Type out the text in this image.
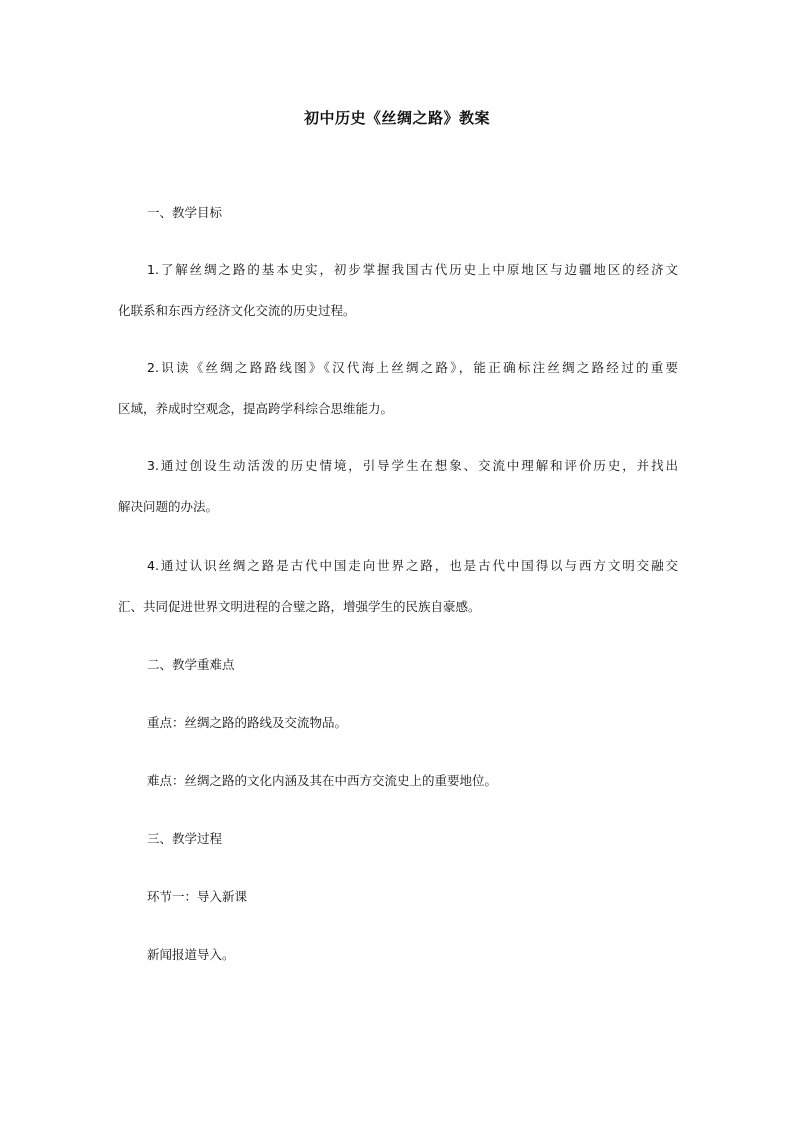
初中历史《丝绸之路》教案
一、教学目标
1.了解丝绸之路的基本史实，初步掌握我国古代历史上中原地区与边疆地区的经济文
化联系和东西方经济文化交流的历史过程。
2.识读《丝绸之路路线图》《汉代海上丝绸之路》，能正确标注丝绸之路经过的重要
区域，养成时空观念，提高跨学科综合思维能力。
3.通过创设生动活泼的历史情境，引导学生在想象、交流中理解和评价历史，并找出
解决问题的办法。
4.通过认识丝绸之路是古代中国走向世界之路，也是古代中国得以与西方文明交融交
汇、共同促进世界文明进程的合璧之路，增强学生的民族自豪感。
二、教学重难点
重点：丝绸之路的路线及交流物品。
难点：丝绸之路的文化内涵及其在中西方交流史上的重要地位。
三、教学过程
环节一：导入新课
新闻报道导入。
